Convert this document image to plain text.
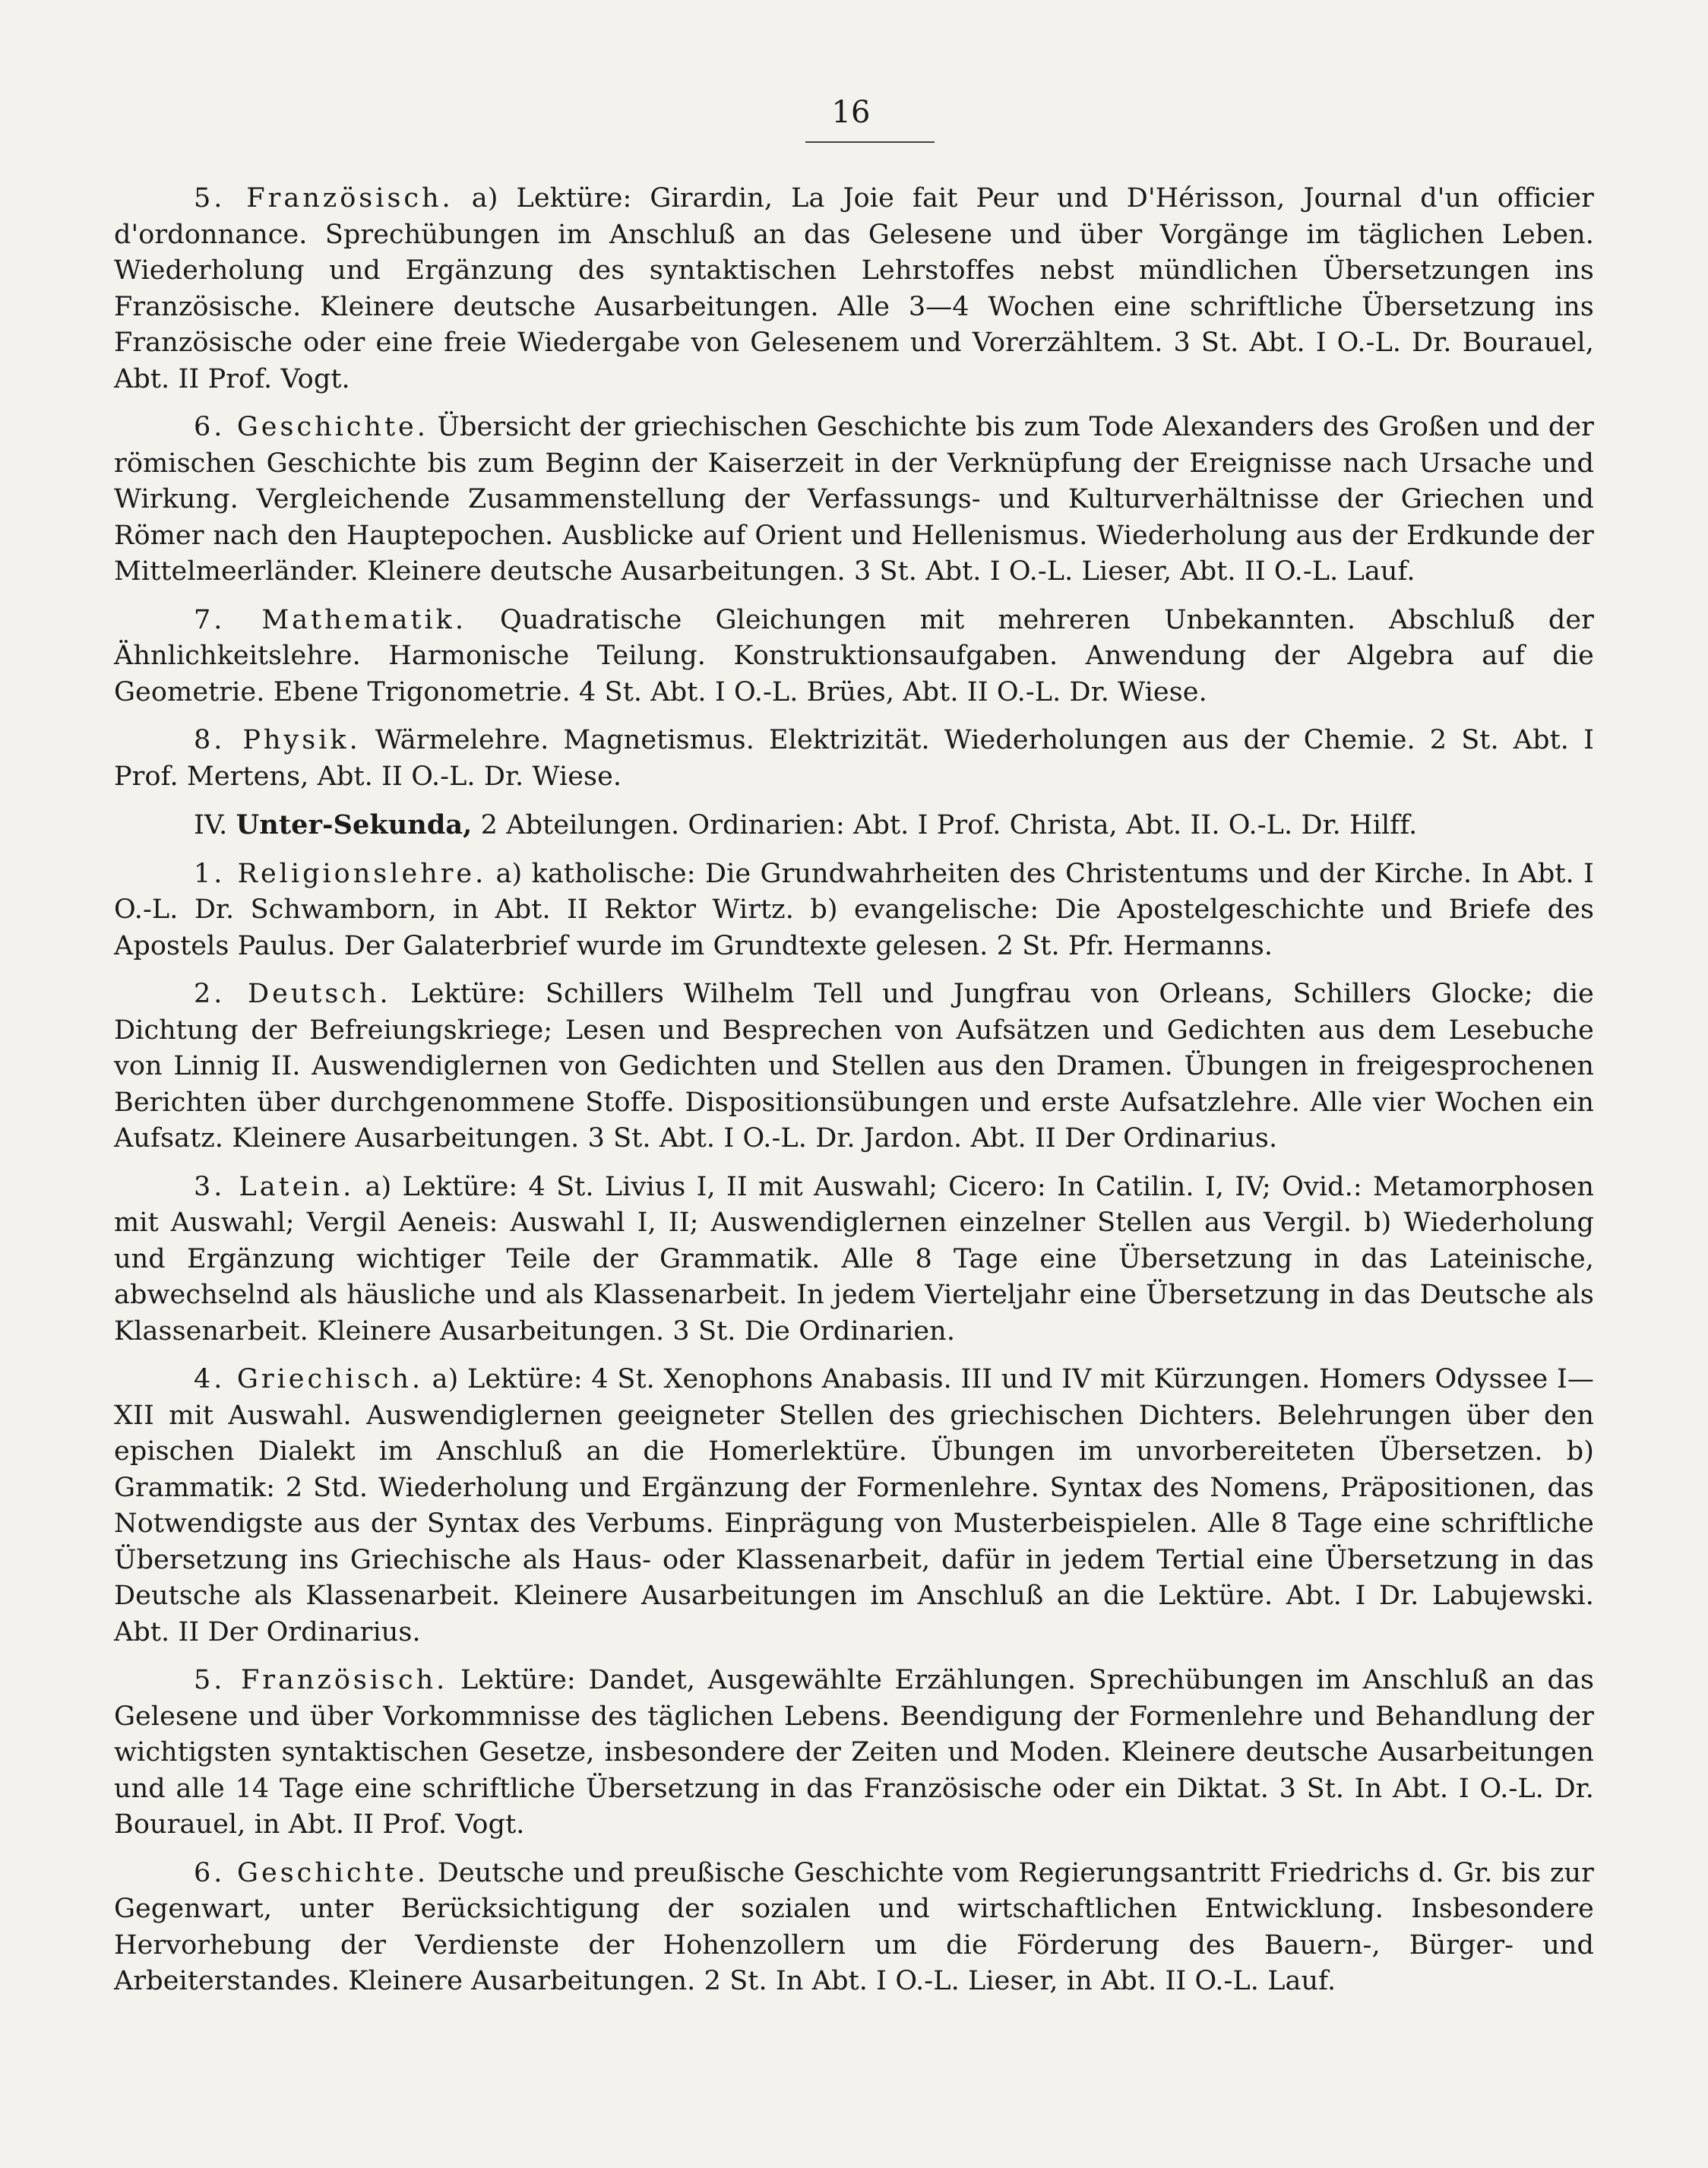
16

5. Französisch. a) Lektüre: Girardin, La Joie fait Peur und D'Hérisson, Journal d'un officier d'ordonnance. Sprechübungen im Anschluß an das Gelesene und über Vorgänge im täglichen Leben. Wiederholung und Ergänzung des syntaktischen Lehrstoffes nebst mündlichen Übersetzungen ins Französische. Kleinere deutsche Ausarbeitungen. Alle 3—4 Wochen eine schriftliche Übersetzung ins Französische oder eine freie Wiedergabe von Gelesenem und Vorerzähltem. 3 St. Abt. I O.-L. Dr. Bourauel, Abt. II Prof. Vogt.

6. Geschichte. Übersicht der griechischen Geschichte bis zum Tode Alexanders des Großen und der römischen Geschichte bis zum Beginn der Kaiserzeit in der Verknüpfung der Ereignisse nach Ursache und Wirkung. Vergleichende Zusammenstellung der Verfassungs- und Kulturverhältnisse der Griechen und Römer nach den Hauptepochen. Ausblicke auf Orient und Hellenismus. Wiederholung aus der Erdkunde der Mittelmeerländer. Kleinere deutsche Ausarbeitungen. 3 St. Abt. I O.-L. Lieser, Abt. II O.-L. Lauf.

7. Mathematik. Quadratische Gleichungen mit mehreren Unbekannten. Abschluß der Ähnlichkeitslehre. Harmonische Teilung. Konstruktionsaufgaben. Anwendung der Algebra auf die Geometrie. Ebene Trigonometrie. 4 St. Abt. I O.-L. Brües, Abt. II O.-L. Dr. Wiese.

8. Physik. Wärmelehre. Magnetismus. Elektrizität. Wiederholungen aus der Chemie. 2 St. Abt. I Prof. Mertens, Abt. II O.-L. Dr. Wiese.

IV. Unter-Sekunda, 2 Abteilungen. Ordinarien: Abt. I Prof. Christa, Abt. II. O.-L. Dr. Hilff.

1. Religionslehre. a) katholische: Die Grundwahrheiten des Christentums und der Kirche. In Abt. I O.-L. Dr. Schwamborn, in Abt. II Rektor Wirtz. b) evangelische: Die Apostelgeschichte und Briefe des Apostels Paulus. Der Galaterbrief wurde im Grundtexte gelesen. 2 St. Pfr. Hermanns.

2. Deutsch. Lektüre: Schillers Wilhelm Tell und Jungfrau von Orleans, Schillers Glocke; die Dichtung der Befreiungskriege; Lesen und Besprechen von Aufsätzen und Gedichten aus dem Lesebuche von Linnig II. Auswendiglernen von Gedichten und Stellen aus den Dramen. Übungen in freigesprochenen Berichten über durchgenommene Stoffe. Dispositionsübungen und erste Aufsatzlehre. Alle vier Wochen ein Aufsatz. Kleinere Ausarbeitungen. 3 St. Abt. I O.-L. Dr. Jardon. Abt. II Der Ordinarius.

3. Latein. a) Lektüre: 4 St. Livius I, II mit Auswahl; Cicero: In Catilin. I, IV; Ovid.: Metamorphosen mit Auswahl; Vergil Aeneis: Auswahl I, II; Auswendiglernen einzelner Stellen aus Vergil. b) Wiederholung und Ergänzung wichtiger Teile der Grammatik. Alle 8 Tage eine Übersetzung in das Lateinische, abwechselnd als häusliche und als Klassenarbeit. In jedem Vierteljahr eine Übersetzung in das Deutsche als Klassenarbeit. Kleinere Ausarbeitungen. 3 St. Die Ordinarien.

4. Griechisch. a) Lektüre: 4 St. Xenophons Anabasis. III und IV mit Kürzungen. Homers Odyssee I—XII mit Auswahl. Auswendiglernen geeigneter Stellen des griechischen Dichters. Belehrungen über den epischen Dialekt im Anschluß an die Homerlektüre. Übungen im unvorbereiteten Übersetzen. b) Grammatik: 2 Std. Wiederholung und Ergänzung der Formenlehre. Syntax des Nomens, Präpositionen, das Notwendigste aus der Syntax des Verbums. Einprägung von Musterbeispielen. Alle 8 Tage eine schriftliche Übersetzung ins Griechische als Haus- oder Klassenarbeit, dafür in jedem Tertial eine Übersetzung in das Deutsche als Klassenarbeit. Kleinere Ausarbeitungen im Anschluß an die Lektüre. Abt. I Dr. Labujewski. Abt. II Der Ordinarius.

5. Französisch. Lektüre: Dandet, Ausgewählte Erzählungen. Sprechübungen im Anschluß an das Gelesene und über Vorkommnisse des täglichen Lebens. Beendigung der Formenlehre und Behandlung der wichtigsten syntaktischen Gesetze, insbesondere der Zeiten und Moden. Kleinere deutsche Ausarbeitungen und alle 14 Tage eine schriftliche Übersetzung in das Französische oder ein Diktat. 3 St. In Abt. I O.-L. Dr. Bourauel, in Abt. II Prof. Vogt.

6. Geschichte. Deutsche und preußische Geschichte vom Regierungsantritt Friedrichs d. Gr. bis zur Gegenwart, unter Berücksichtigung der sozialen und wirtschaftlichen Entwicklung. Insbesondere Hervorhebung der Verdienste der Hohenzollern um die Förderung des Bauern-, Bürger- und Arbeiterstandes. Kleinere Ausarbeitungen. 2 St. In Abt. I O.-L. Lieser, in Abt. II O.-L. Lauf.
